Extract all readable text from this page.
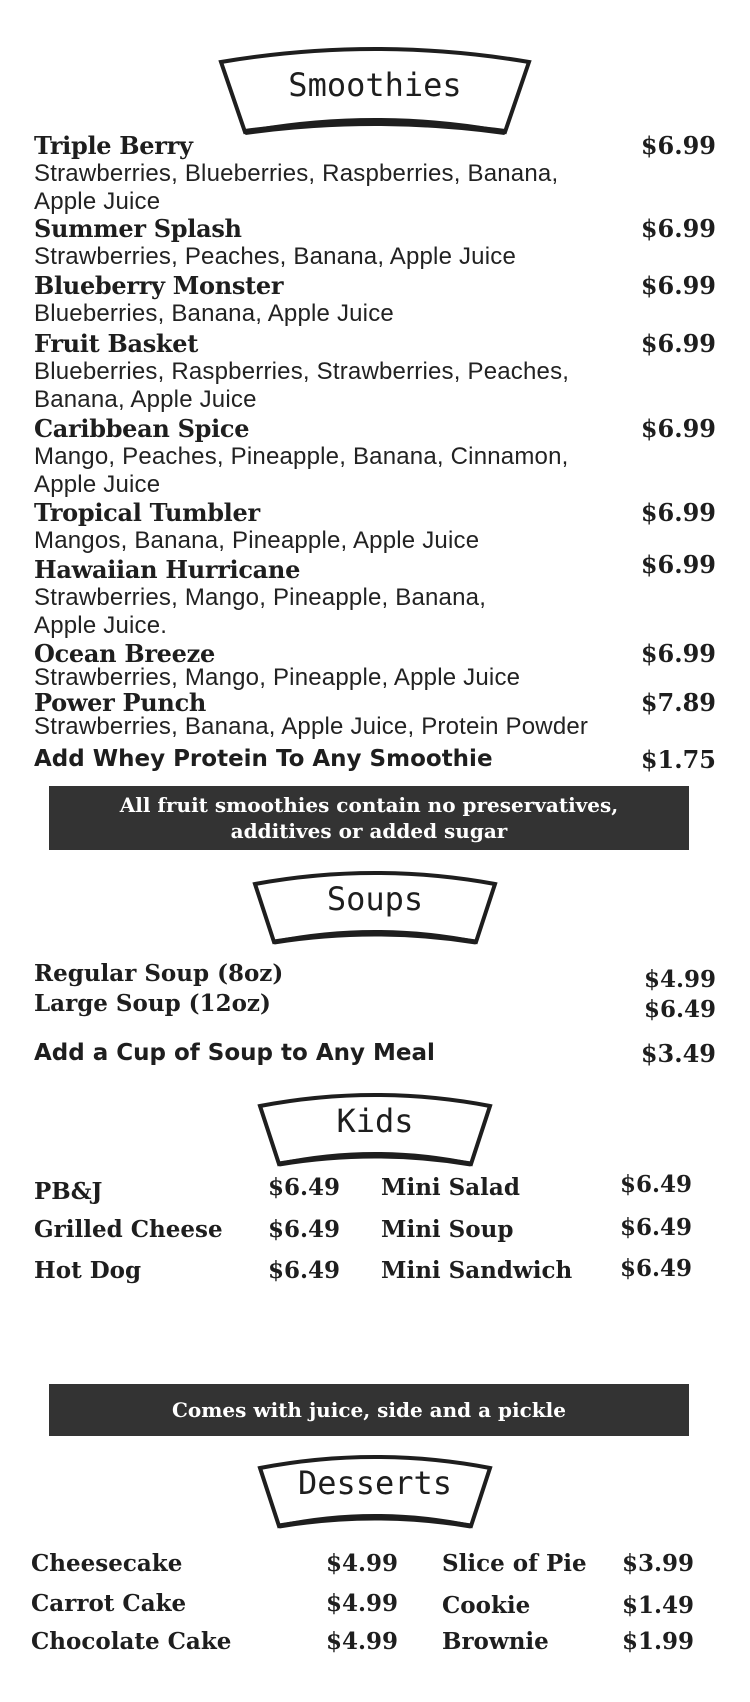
Smoothies
Triple Berry
Strawberries, Blueberries, Raspberries, Banana,
Apple Juice
$6.99
Summer Splash
Strawberries, Peaches, Banana, Apple Juice
$6.99
Blueberry Monster
Blueberries, Banana, Apple Juice
$6.99
Fruit Basket
Blueberries, Raspberries, Strawberries, Peaches,
Banana, Apple Juice
$6.99
Caribbean Spice
Mango, Peaches, Pineapple, Banana, Cinnamon,
Apple Juice
$6.99
Tropical Tumbler
Mangos, Banana, Pineapple, Apple Juice
$6.99
Hawaiian Hurricane
Strawberries, Mango, Pineapple, Banana,
Apple Juice.
$6.99
Ocean Breeze
Strawberries, Mango, Pineapple, Apple Juice
$6.99
Power Punch
Strawberries, Banana, Apple Juice, Protein Powder
$7.89
Add Whey Protein To Any Smoothie	$1.75
All fruit smoothies contain no preservatives,
additives or added sugar
Soups
Regular Soup (8oz)	$4.99
Large Soup (12oz)	$6.49
Add a Cup of Soup to Any Meal	$3.49
Kids
PB&J	$6.49 Mini Salad	$6.49
Grilled Cheese $6.49 Mini Soup	$6.49
Hot Dog	$6.49 Mini Sandwich $6.49
Comes with juice, side and a pickle
Desserts
Cheesecake	$4.99 Slice of Pie $3.99
Carrot Cake	$4.99 Cookie	$1.49
Chocolate Cake	$4.99 Brownie	$1.99
